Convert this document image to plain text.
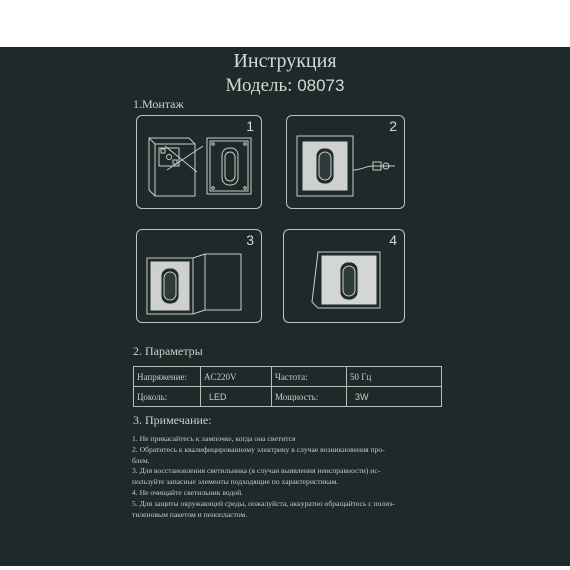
Инструкция
Модель: 08073
1.Монтаж
1	2
3	4
2. Параметры
Напряжение:	AC220V	Частота:	50 Гц
Цоколь:	LED	Мощность:	3W
3. Примечание:
1. Не прикасайтесь к лампочке, когда она светится
2. Обратитесь к квалифицированному электрику в случае возникновения про-
блем.
3. Для восстановления светильника (в случаи выявления неисправности) ис-
пользуйте запасные элементы подходящие по характеристикам.
4. Не очищайте светильник водой.
5. Для защиты окружающей среды, пожалуйста, аккуратно обращайтесь с полиэ-
тиленовым пакетом и пенопластом.
